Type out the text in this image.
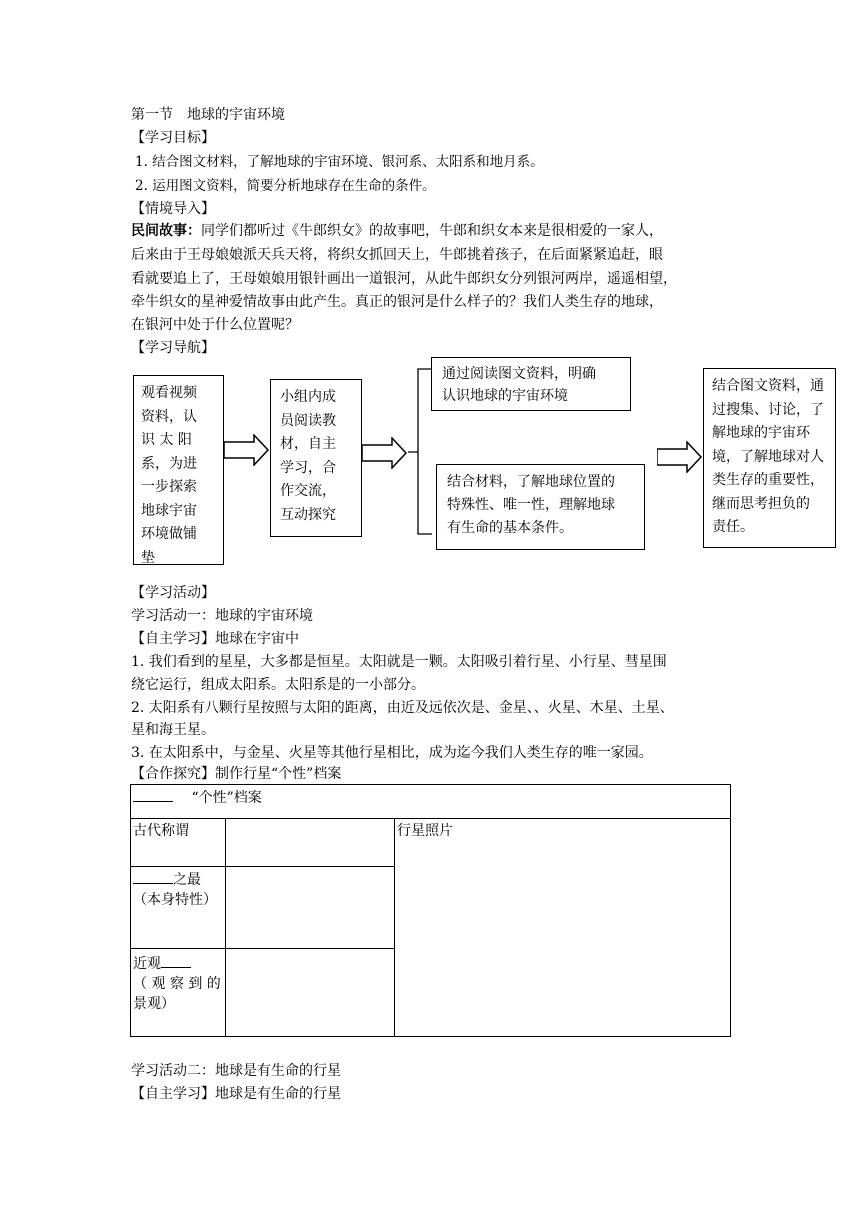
第一节　地球的宇宙环境
【学习目标】
1. 结合图文材料，了解地球的宇宙环境、银河系、太阳系和地月系。
2. 运用图文资料，简要分析地球存在生命的条件。
【情境导入】
民间故事：同学们都听过《牛郎织女》的故事吧，牛郎和织女本来是很相爱的一家人，
后来由于王母娘娘派天兵天将，将织女抓回天上，牛郎挑着孩子，在后面紧紧追赶，眼
看就要追上了，王母娘娘用银针画出一道银河，从此牛郎织女分列银河两岸，遥遥相望，
牵牛织女的星神爱情故事由此产生。真正的银河是什么样子的？我们人类生存的地球，
在银河中处于什么位置呢？
【学习导航】
观看视频
资料，认
识 太 阳
系，为进
一步探索
地球宇宙
环境做铺
垫
小组内成
员阅读教
材，自主
学习，合
作交流，
互动探究
通过阅读图文资料，明确
认识地球的宇宙环境
结合材料，了解地球位置的
特殊性、唯一性，理解地球
有生命的基本条件。
结合图文资料，通
过搜集、讨论，了
解地球的宇宙环
境，了解地球对人
类生存的重要性，
继而思考担负的
责任。
【学习活动】
学习活动一：地球的宇宙环境
【自主学习】地球在宇宙中
1. 我们看到的星星，大多都是恒星。太阳就是一颗。太阳吸引着行星、小行星、彗星围
绕它运行，组成太阳系。太阳系是的一小部分。
2. 太阳系有八颗行星按照与太阳的距离，由近及远依次是、金星、、火星、木星、土星、
星和海王星。
3. 在太阳系中，与金星、火星等其他行星相比，成为迄今我们人类生存的唯一家园。
【合作探究】制作行星“个性”档案
“个性”档案		
古代称谓		行星照片

之最
（本身特性）		

近观
（ 观 察 到 的
景观）		

学习活动二：地球是有生命的行星
【自主学习】地球是有生命的行星
